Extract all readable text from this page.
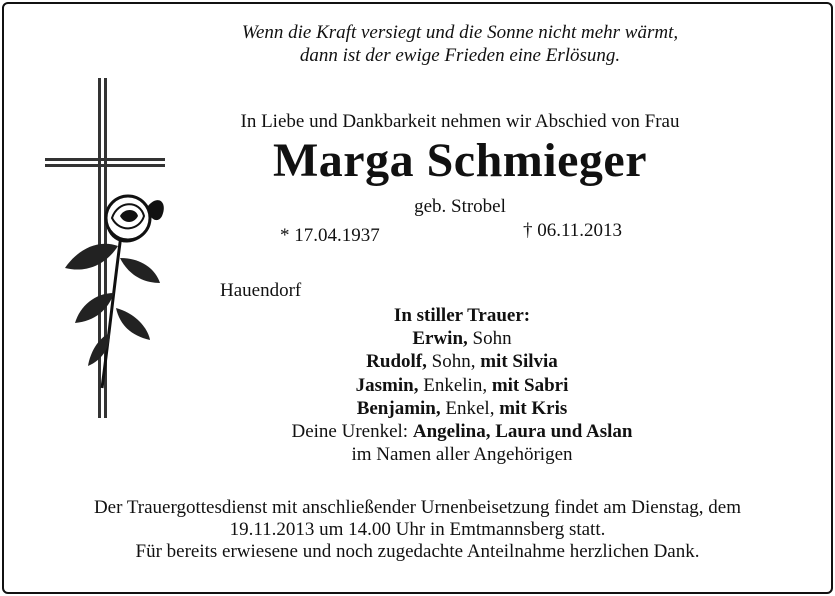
Wenn die Kraft versiegt und die Sonne nicht mehr wärmt,
dann ist der ewige Frieden eine Erlösung.
In Liebe und Dankbarkeit nehmen wir Abschied von Frau
Marga Schmieger
geb. Strobel
* 17.04.1937	† 06.11.2013
Hauendorf
In stiller Trauer:
Erwin, Sohn
Rudolf, Sohn, mit Silvia
Jasmin, Enkelin, mit Sabri
Benjamin, Enkel, mit Kris
Deine Urenkel: Angelina, Laura und Aslan
im Namen aller Angehörigen
Der Trauergottesdienst mit anschließender Urnenbeisetzung findet am Dienstag, dem
19.11.2013 um 14.00 Uhr in Emtmannsberg statt.
Für bereits erwiesene und noch zugedachte Anteilnahme herzlichen Dank.
